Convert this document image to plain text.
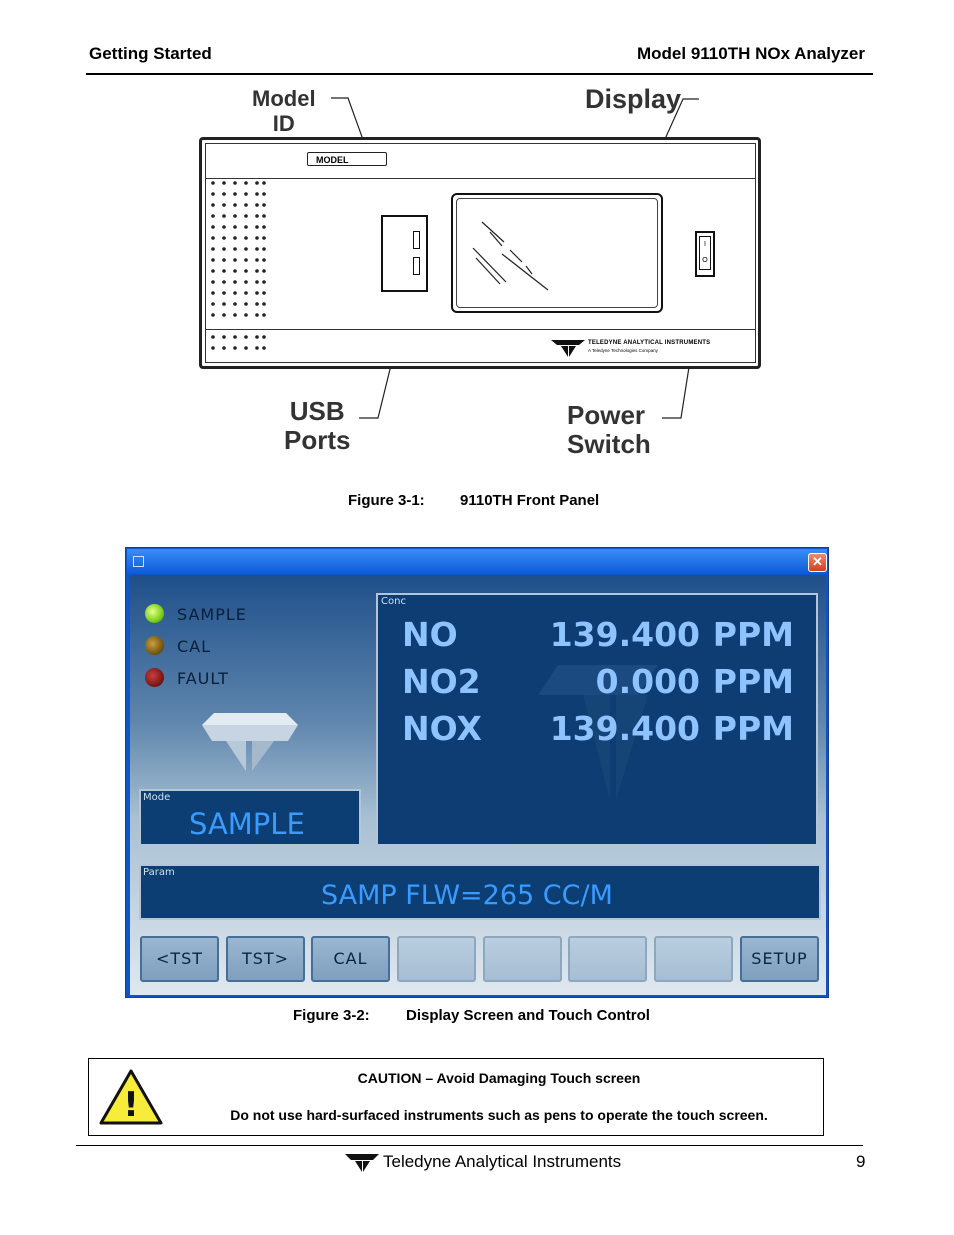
Getting Started	Model 9110TH NOx Analyzer
Model
ID
Display
USB
Ports
Power
Switch
MODEL
I
O
TELEDYNE ANALYTICAL INSTRUMENTS
A Teledyne Technologies Company
Figure 3-1: 9110TH Front Panel
✕
SAMPLE
CAL
FAULT
Mode
SAMPLE
Conc
NO	139.400 PPM
NO2	0.000 PPM
NOX 139.400 PPM
Param
SAMP FLW=265 CC/M
<TST	TST>	CAL	SETUP
Figure 3-2: Display Screen and Touch Control
!
CAUTION – Avoid Damaging Touch screen
Do not use hard-surfaced instruments such as pens to operate the touch screen.
Teledyne Analytical Instruments	9
